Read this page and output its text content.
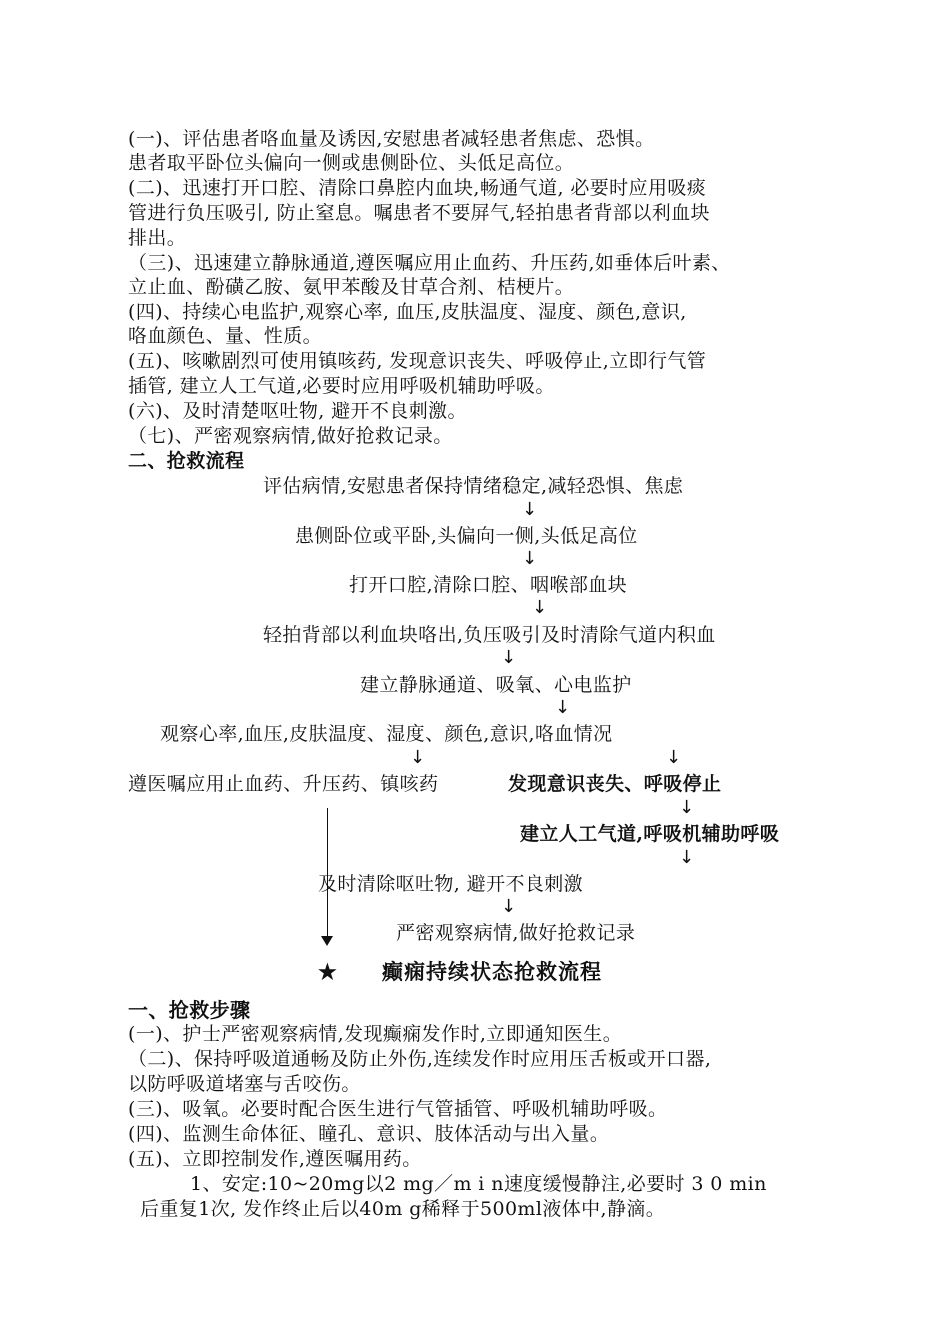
(一)、评估患者咯血量及诱因,安慰患者减轻患者焦虑、恐惧。
患者取平卧位头偏向一侧或患侧卧位、头低足高位。
(二)、迅速打开口腔、清除口鼻腔内血块,畅通气道, 必要时应用吸痰
管进行负压吸引, 防止窒息。嘱患者不要屏气,轻拍患者背部以利血块
排出。
（三)、迅速建立静脉通道,遵医嘱应用止血药、升压药,如垂体后叶素、
立止血、酚磺乙胺、氨甲苯酸及甘草合剂、桔梗片。
(四)、持续心电监护,观察心率, 血压,皮肤温度、湿度、颜色,意识,
咯血颜色、量、性质。
(五)、咳嗽剧烈可使用镇咳药, 发现意识丧失、呼吸停止,立即行气管
插管, 建立人工气道,必要时应用呼吸机辅助呼吸。
(六)、及时清楚呕吐物, 避开不良刺激。
（七)、严密观察病情,做好抢救记录。
二、抢救流程
评估病情,安慰患者保持情绪稳定,减轻恐惧、焦虑
↓
患侧卧位或平卧,头偏向一侧,头低足高位
↓
打开口腔,清除口腔、咽喉部血块
↓
轻拍背部以利血块咯出,负压吸引及时清除气道内积血
↓
建立静脉通道、吸氧、心电监护
↓
观察心率,血压,皮肤温度、湿度、颜色,意识,咯血情况
↓	↓
遵医嘱应用止血药、升压药、镇咳药	发现意识丧失、呼吸停止
↓
建立人工气道,呼吸机辅助呼吸
↓
及时清除呕吐物, 避开不良刺激
↓
严密观察病情,做好抢救记录
★ 癫痫持续状态抢救流程
一、抢救步骤
(一)、护士严密观察病情,发现癫痫发作时,立即通知医生。
（二)、保持呼吸道通畅及防止外伤,连续发作时应用压舌板或开口器,
以防呼吸道堵塞与舌咬伤。
(三)、吸氧。必要时配合医生进行气管插管、呼吸机辅助呼吸。
(四)、监测生命体征、瞳孔、意识、肢体活动与出入量。
(五)、立即控制发作,遵医嘱用药。
1、安定:10~20mg以2 mg／m i n速度缓慢静注,必要时 3 0 min
后重复1次, 发作终止后以40m g稀释于500ml液体中,静滴。
